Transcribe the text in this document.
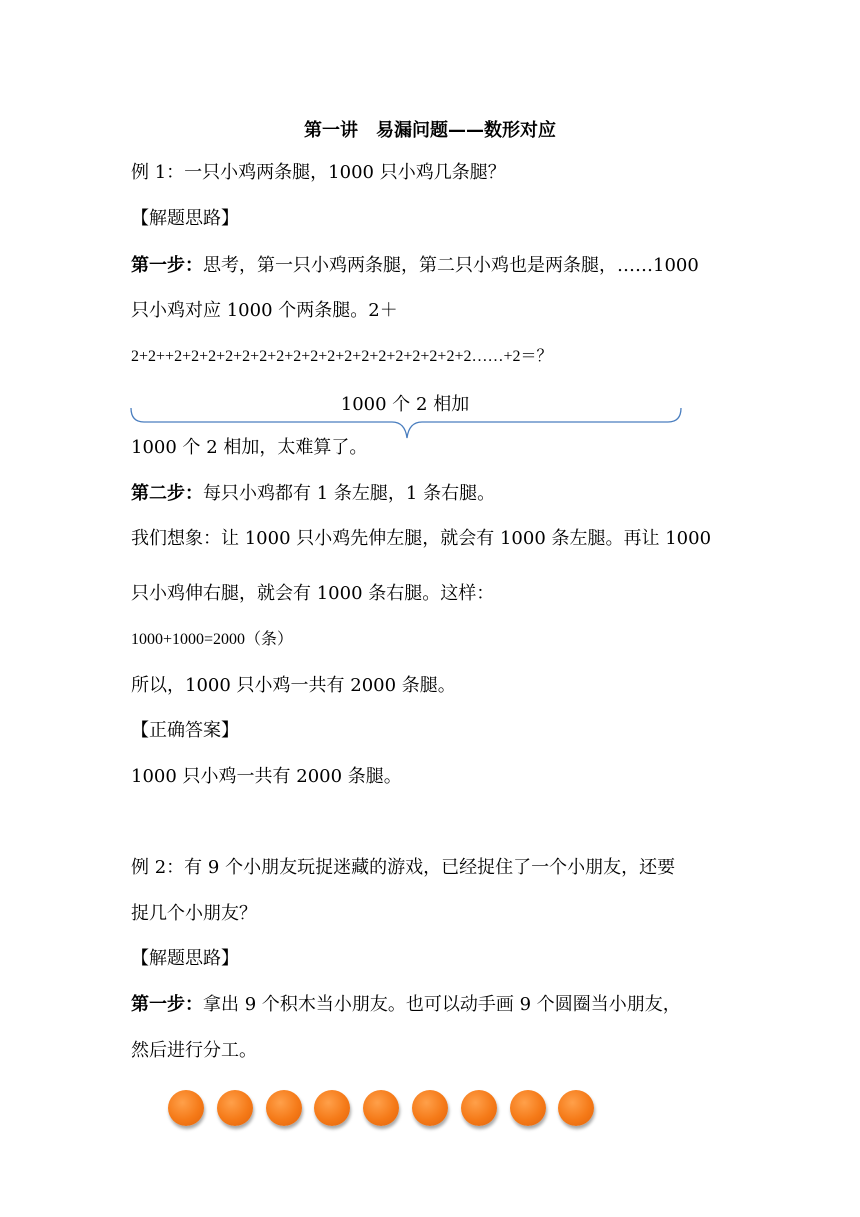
第一讲　易漏问题——数形对应
例 1：一只小鸡两条腿，1000 只小鸡几条腿？
【解题思路】
第一步：思考，第一只小鸡两条腿，第二只小鸡也是两条腿，……1000
只小鸡对应 1000 个两条腿。2＋
2+2++2+2+2+2+2+2+2+2+2+2+2+2+2+2+2+2+2+2……+2＝？
1000 个 2 相加
1000 个 2 相加，太难算了。
第二步：每只小鸡都有 1 条左腿，1 条右腿。
我们想象：让 1000 只小鸡先伸左腿，就会有 1000 条左腿。再让 1000
只小鸡伸右腿，就会有 1000 条右腿。这样：
1000+1000=2000（条）
所以，1000 只小鸡一共有 2000 条腿。
【正确答案】
1000 只小鸡一共有 2000 条腿。
例 2：有 9 个小朋友玩捉迷藏的游戏，已经捉住了一个小朋友，还要
捉几个小朋友？
【解题思路】
第一步：拿出 9 个积木当小朋友。也可以动手画 9 个圆圈当小朋友，
然后进行分工。
